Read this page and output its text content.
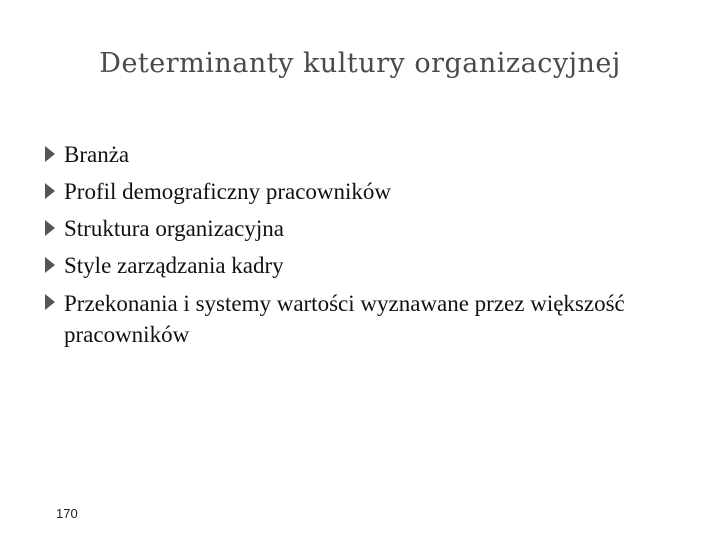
Determinanty kultury organizacyjnej
Branża
Profil demograficzny pracowników
Struktura organizacyjna
Style zarządzania kadry
Przekonania i systemy wartości wyznawane przez większość pracowników
170
